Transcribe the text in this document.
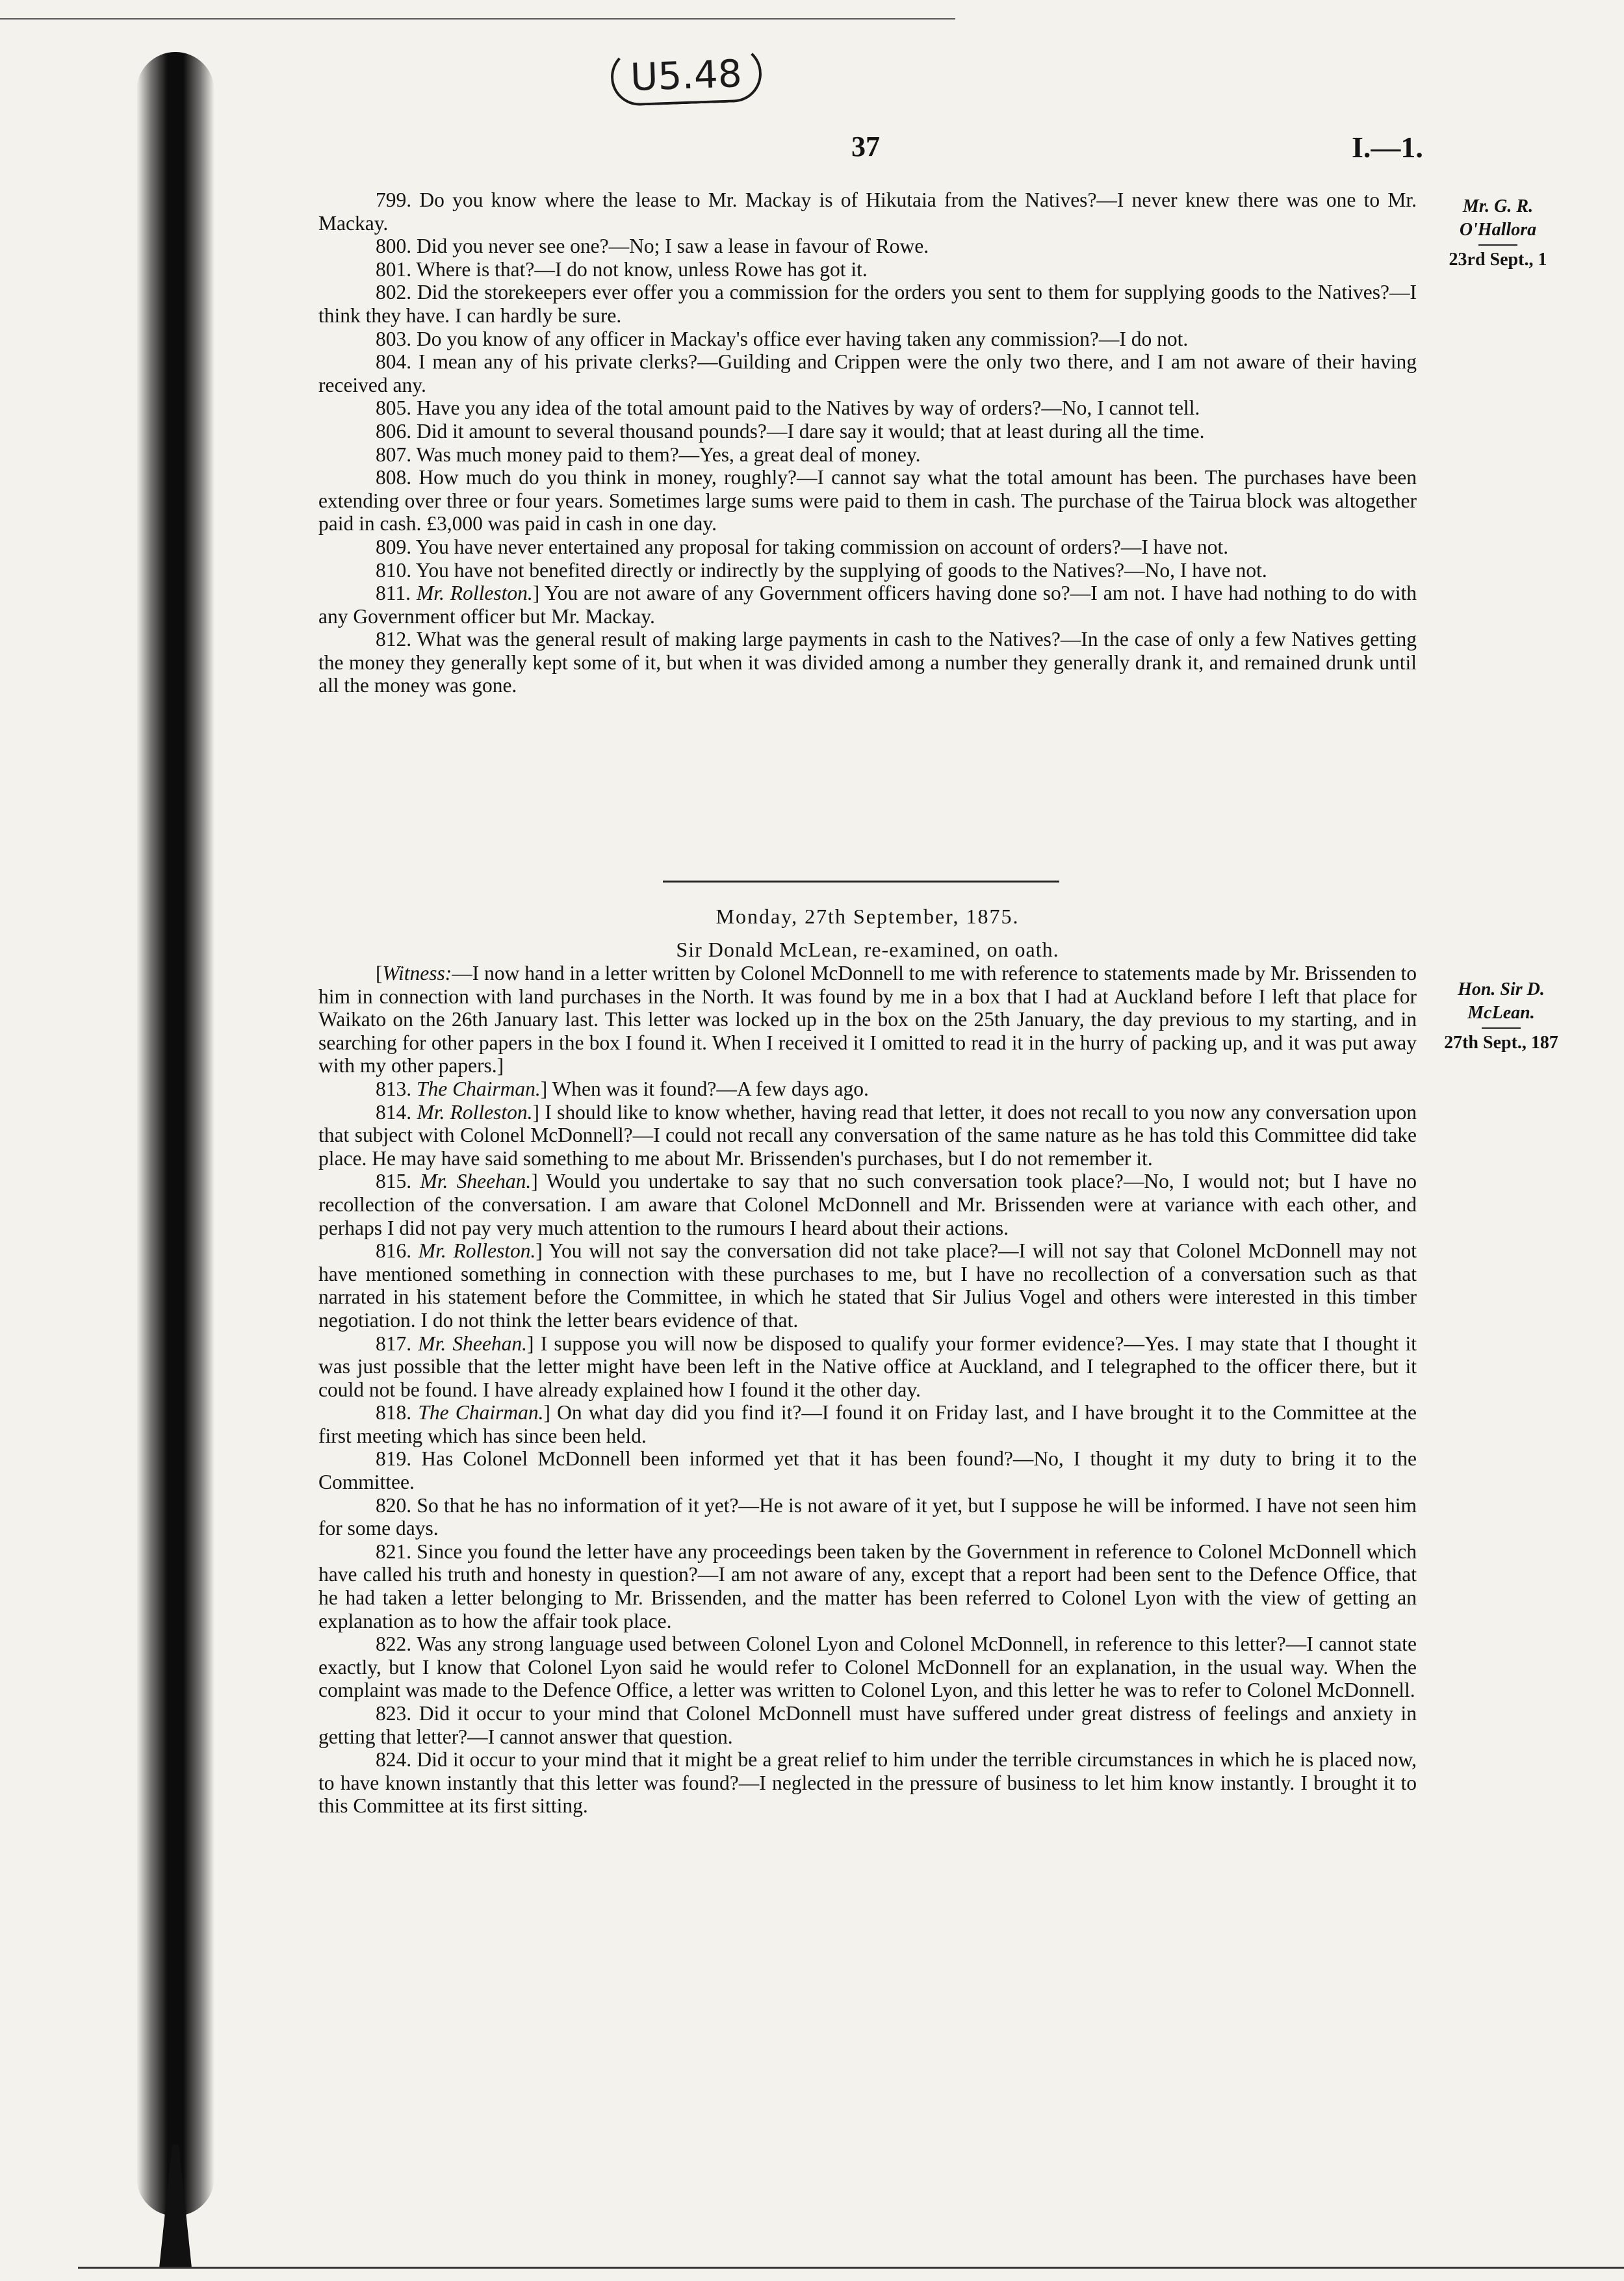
U5.48
37	I.—1.
Mr. G. R. O'Hallora
23rd Sept., 1
Hon. Sir D. McLean.
27th Sept., 187

799. Do you know where the lease to Mr. Mackay is of Hikutaia from the Natives?—I never knew there was one to Mr. Mackay.

800. Did you never see one?—No; I saw a lease in favour of Rowe.

801. Where is that?—I do not know, unless Rowe has got it.

802. Did the storekeepers ever offer you a commission for the orders you sent to them for supplying goods to the Natives?—I think they have. I can hardly be sure.

803. Do you know of any officer in Mackay's office ever having taken any commission?—I do not.

804. I mean any of his private clerks?—Guilding and Crippen were the only two there, and I am not aware of their having received any.

805. Have you any idea of the total amount paid to the Natives by way of orders?—No, I cannot tell.

806. Did it amount to several thousand pounds?—I dare say it would; that at least during all the time.

807. Was much money paid to them?—Yes, a great deal of money.

808. How much do you think in money, roughly?—I cannot say what the total amount has been. The purchases have been extending over three or four years. Sometimes large sums were paid to them in cash. The purchase of the Tairua block was altogether paid in cash. £3,000 was paid in cash in one day.

809. You have never entertained any proposal for taking commission on account of orders?—I have not.

810. You have not benefited directly or indirectly by the supplying of goods to the Natives?—No, I have not.

811. Mr. Rolleston.] You are not aware of any Government officers having done so?—I am not. I have had nothing to do with any Government officer but Mr. Mackay.

812. What was the general result of making large payments in cash to the Natives?—In the case of only a few Natives getting the money they generally kept some of it, but when it was divided among a number they generally drank it, and remained drunk until all the money was gone.

Monday, 27th September, 1875.
Sir Donald McLean, re-examined, on oath.

[Witness:—I now hand in a letter written by Colonel McDonnell to me with reference to statements made by Mr. Brissenden to him in connection with land purchases in the North. It was found by me in a box that I had at Auckland before I left that place for Waikato on the 26th January last. This letter was locked up in the box on the 25th January, the day previous to my starting, and in searching for other papers in the box I found it. When I received it I omitted to read it in the hurry of packing up, and it was put away with my other papers.]

813. The Chairman.] When was it found?—A few days ago.

814. Mr. Rolleston.] I should like to know whether, having read that letter, it does not recall to you now any conversation upon that subject with Colonel McDonnell?—I could not recall any conversation of the same nature as he has told this Committee did take place. He may have said something to me about Mr. Brissenden's purchases, but I do not remember it.

815. Mr. Sheehan.] Would you undertake to say that no such conversation took place?—No, I would not; but I have no recollection of the conversation. I am aware that Colonel McDonnell and Mr. Brissenden were at variance with each other, and perhaps I did not pay very much attention to the rumours I heard about their actions.

816. Mr. Rolleston.] You will not say the conversation did not take place?—I will not say that Colonel McDonnell may not have mentioned something in connection with these purchases to me, but I have no recollection of a conversation such as that narrated in his statement before the Committee, in which he stated that Sir Julius Vogel and others were interested in this timber negotiation. I do not think the letter bears evidence of that.

817. Mr. Sheehan.] I suppose you will now be disposed to qualify your former evidence?—Yes. I may state that I thought it was just possible that the letter might have been left in the Native office at Auckland, and I telegraphed to the officer there, but it could not be found. I have already explained how I found it the other day.

818. The Chairman.] On what day did you find it?—I found it on Friday last, and I have brought it to the Committee at the first meeting which has since been held.

819. Has Colonel McDonnell been informed yet that it has been found?—No, I thought it my duty to bring it to the Committee.

820. So that he has no information of it yet?—He is not aware of it yet, but I suppose he will be informed. I have not seen him for some days.

821. Since you found the letter have any proceedings been taken by the Government in reference to Colonel McDonnell which have called his truth and honesty in question?—I am not aware of any, except that a report had been sent to the Defence Office, that he had taken a letter belonging to Mr. Brissenden, and the matter has been referred to Colonel Lyon with the view of getting an explanation as to how the affair took place.

822. Was any strong language used between Colonel Lyon and Colonel McDonnell, in reference to this letter?—I cannot state exactly, but I know that Colonel Lyon said he would refer to Colonel McDonnell for an explanation, in the usual way. When the complaint was made to the Defence Office, a letter was written to Colonel Lyon, and this letter he was to refer to Colonel McDonnell.

823. Did it occur to your mind that Colonel McDonnell must have suffered under great distress of feelings and anxiety in getting that letter?—I cannot answer that question.

824. Did it occur to your mind that it might be a great relief to him under the terrible circumstances in which he is placed now, to have known instantly that this letter was found?—I neglected in the pressure of business to let him know instantly. I brought it to this Committee at its first sitting.
